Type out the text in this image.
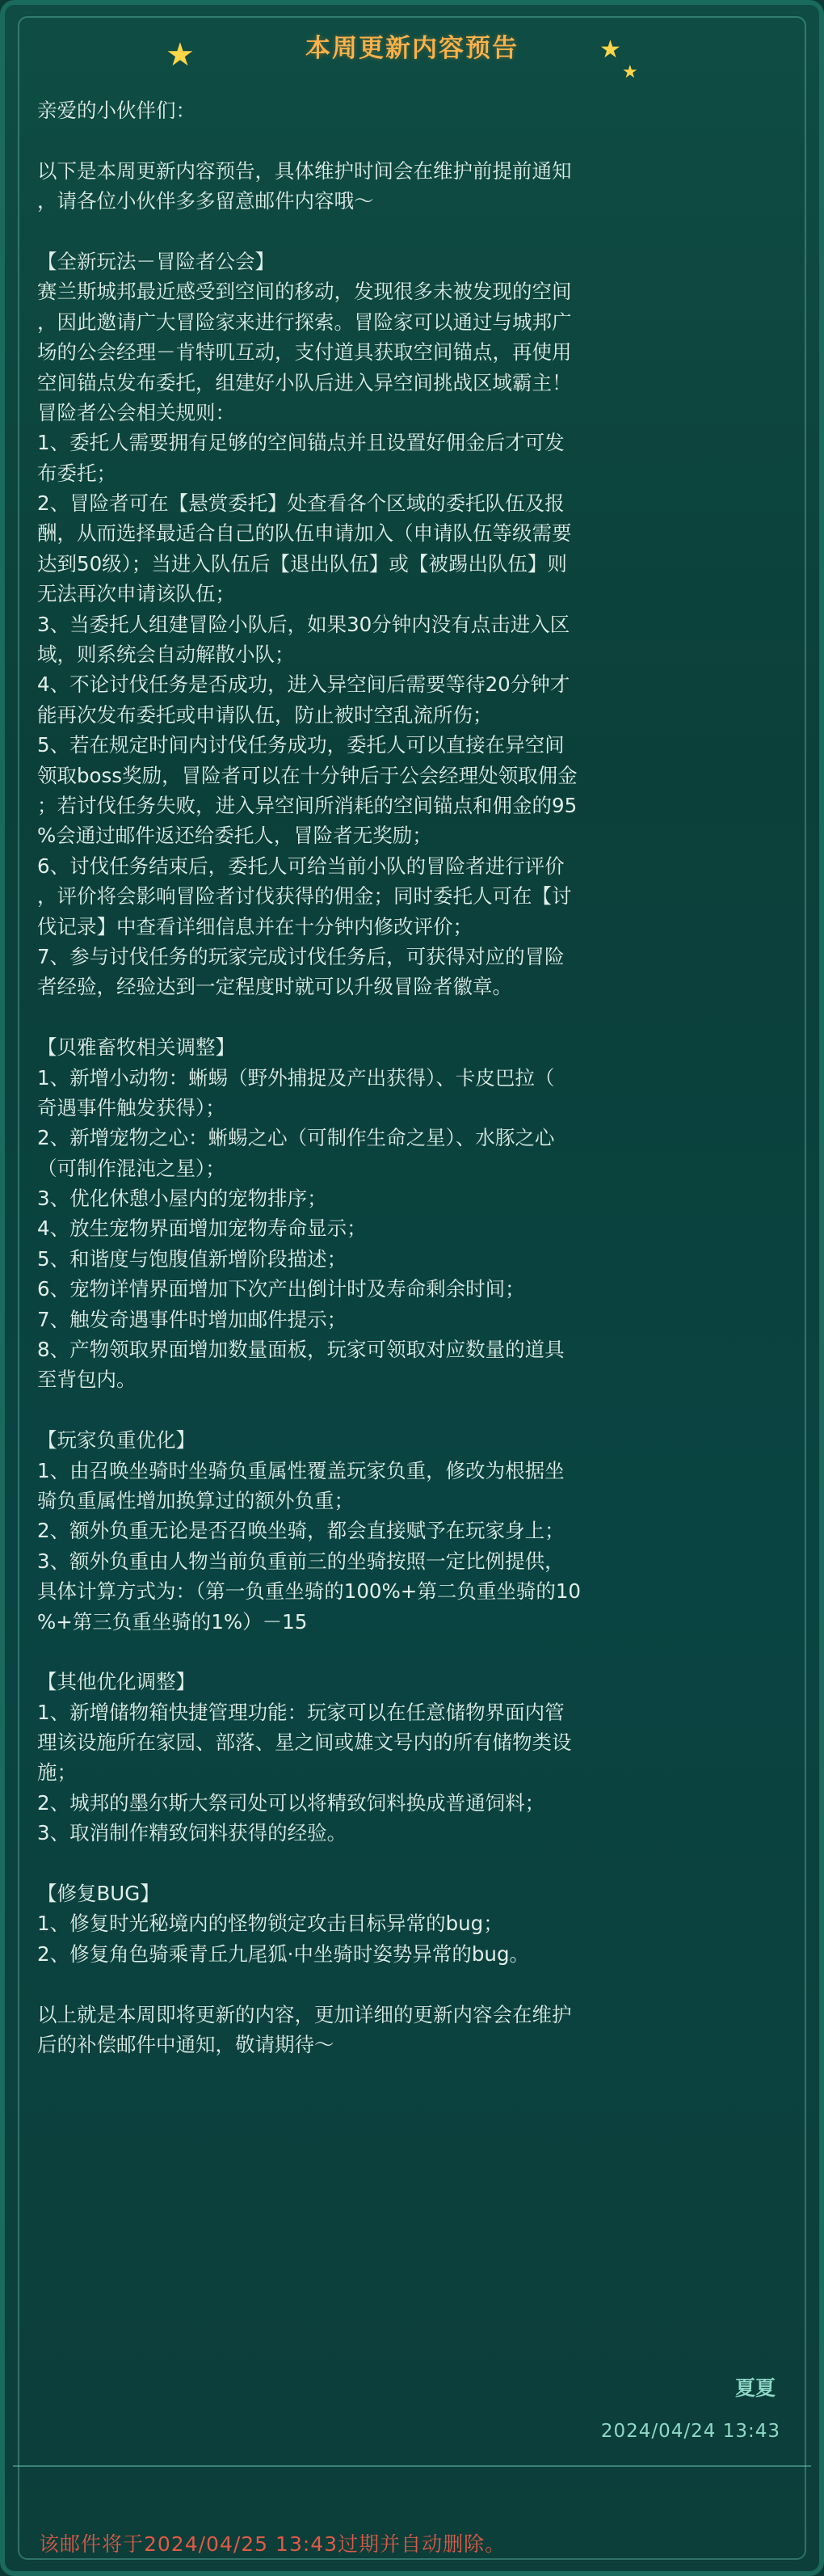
★	本周更新内容预告	★
★
亲爱的小伙伴们：
以下是本周更新内容预告，具体维护时间会在维护前提前通知
，请各位小伙伴多多留意邮件内容哦～
【全新玩法－冒险者公会】
赛兰斯城邦最近感受到空间的移动，发现很多未被发现的空间
，因此邀请广大冒险家来进行探索。冒险家可以通过与城邦广
场的公会经理－肯特叽互动，支付道具获取空间锚点，再使用
空间锚点发布委托，组建好小队后进入异空间挑战区域霸主！
冒险者公会相关规则：
1、委托人需要拥有足够的空间锚点并且设置好佣金后才可发
布委托；
2、冒险者可在【悬赏委托】处查看各个区域的委托队伍及报
酬，从而选择最适合自己的队伍申请加入（申请队伍等级需要
达到50级）；当进入队伍后【退出队伍】或【被踢出队伍】则
无法再次申请该队伍；
3、当委托人组建冒险小队后，如果30分钟内没有点击进入区
域，则系统会自动解散小队；
4、不论讨伐任务是否成功，进入异空间后需要等待20分钟才
能再次发布委托或申请队伍，防止被时空乱流所伤；
5、若在规定时间内讨伐任务成功，委托人可以直接在异空间
领取boss奖励，冒险者可以在十分钟后于公会经理处领取佣金
；若讨伐任务失败，进入异空间所消耗的空间锚点和佣金的95
%会通过邮件返还给委托人，冒险者无奖励；
6、讨伐任务结束后，委托人可给当前小队的冒险者进行评价
，评价将会影响冒险者讨伐获得的佣金；同时委托人可在【讨
伐记录】中查看详细信息并在十分钟内修改评价；
7、参与讨伐任务的玩家完成讨伐任务后，可获得对应的冒险
者经验，经验达到一定程度时就可以升级冒险者徽章。
【贝雅畜牧相关调整】
1、新增小动物：蜥蜴（野外捕捉及产出获得）、卡皮巴拉（
奇遇事件触发获得）；
2、新增宠物之心：蜥蜴之心（可制作生命之星）、水豚之心
（可制作混沌之星）；
3、优化休憩小屋内的宠物排序；
4、放生宠物界面增加宠物寿命显示；
5、和谐度与饱腹值新增阶段描述；
6、宠物详情界面增加下次产出倒计时及寿命剩余时间；
7、触发奇遇事件时增加邮件提示；
8、产物领取界面增加数量面板，玩家可领取对应数量的道具
至背包内。
【玩家负重优化】
1、由召唤坐骑时坐骑负重属性覆盖玩家负重，修改为根据坐
骑负重属性增加换算过的额外负重；
2、额外负重无论是否召唤坐骑，都会直接赋予在玩家身上；
3、额外负重由人物当前负重前三的坐骑按照一定比例提供，
具体计算方式为：（第一负重坐骑的100%+第二负重坐骑的10
%+第三负重坐骑的1%）－15
【其他优化调整】
1、新增储物箱快捷管理功能：玩家可以在任意储物界面内管
理该设施所在家园、部落、星之间或雄文号内的所有储物类设
施；
2、城邦的墨尔斯大祭司处可以将精致饲料换成普通饲料；
3、取消制作精致饲料获得的经验。
【修复BUG】
1、修复时光秘境内的怪物锁定攻击目标异常的bug；
2、修复角色骑乘青丘九尾狐·中坐骑时姿势异常的bug。
以上就是本周即将更新的内容，更加详细的更新内容会在维护
后的补偿邮件中通知，敬请期待～
夏夏
2024/04/24 13:43
该邮件将于2024/04/25 13:43过期并自动删除。
